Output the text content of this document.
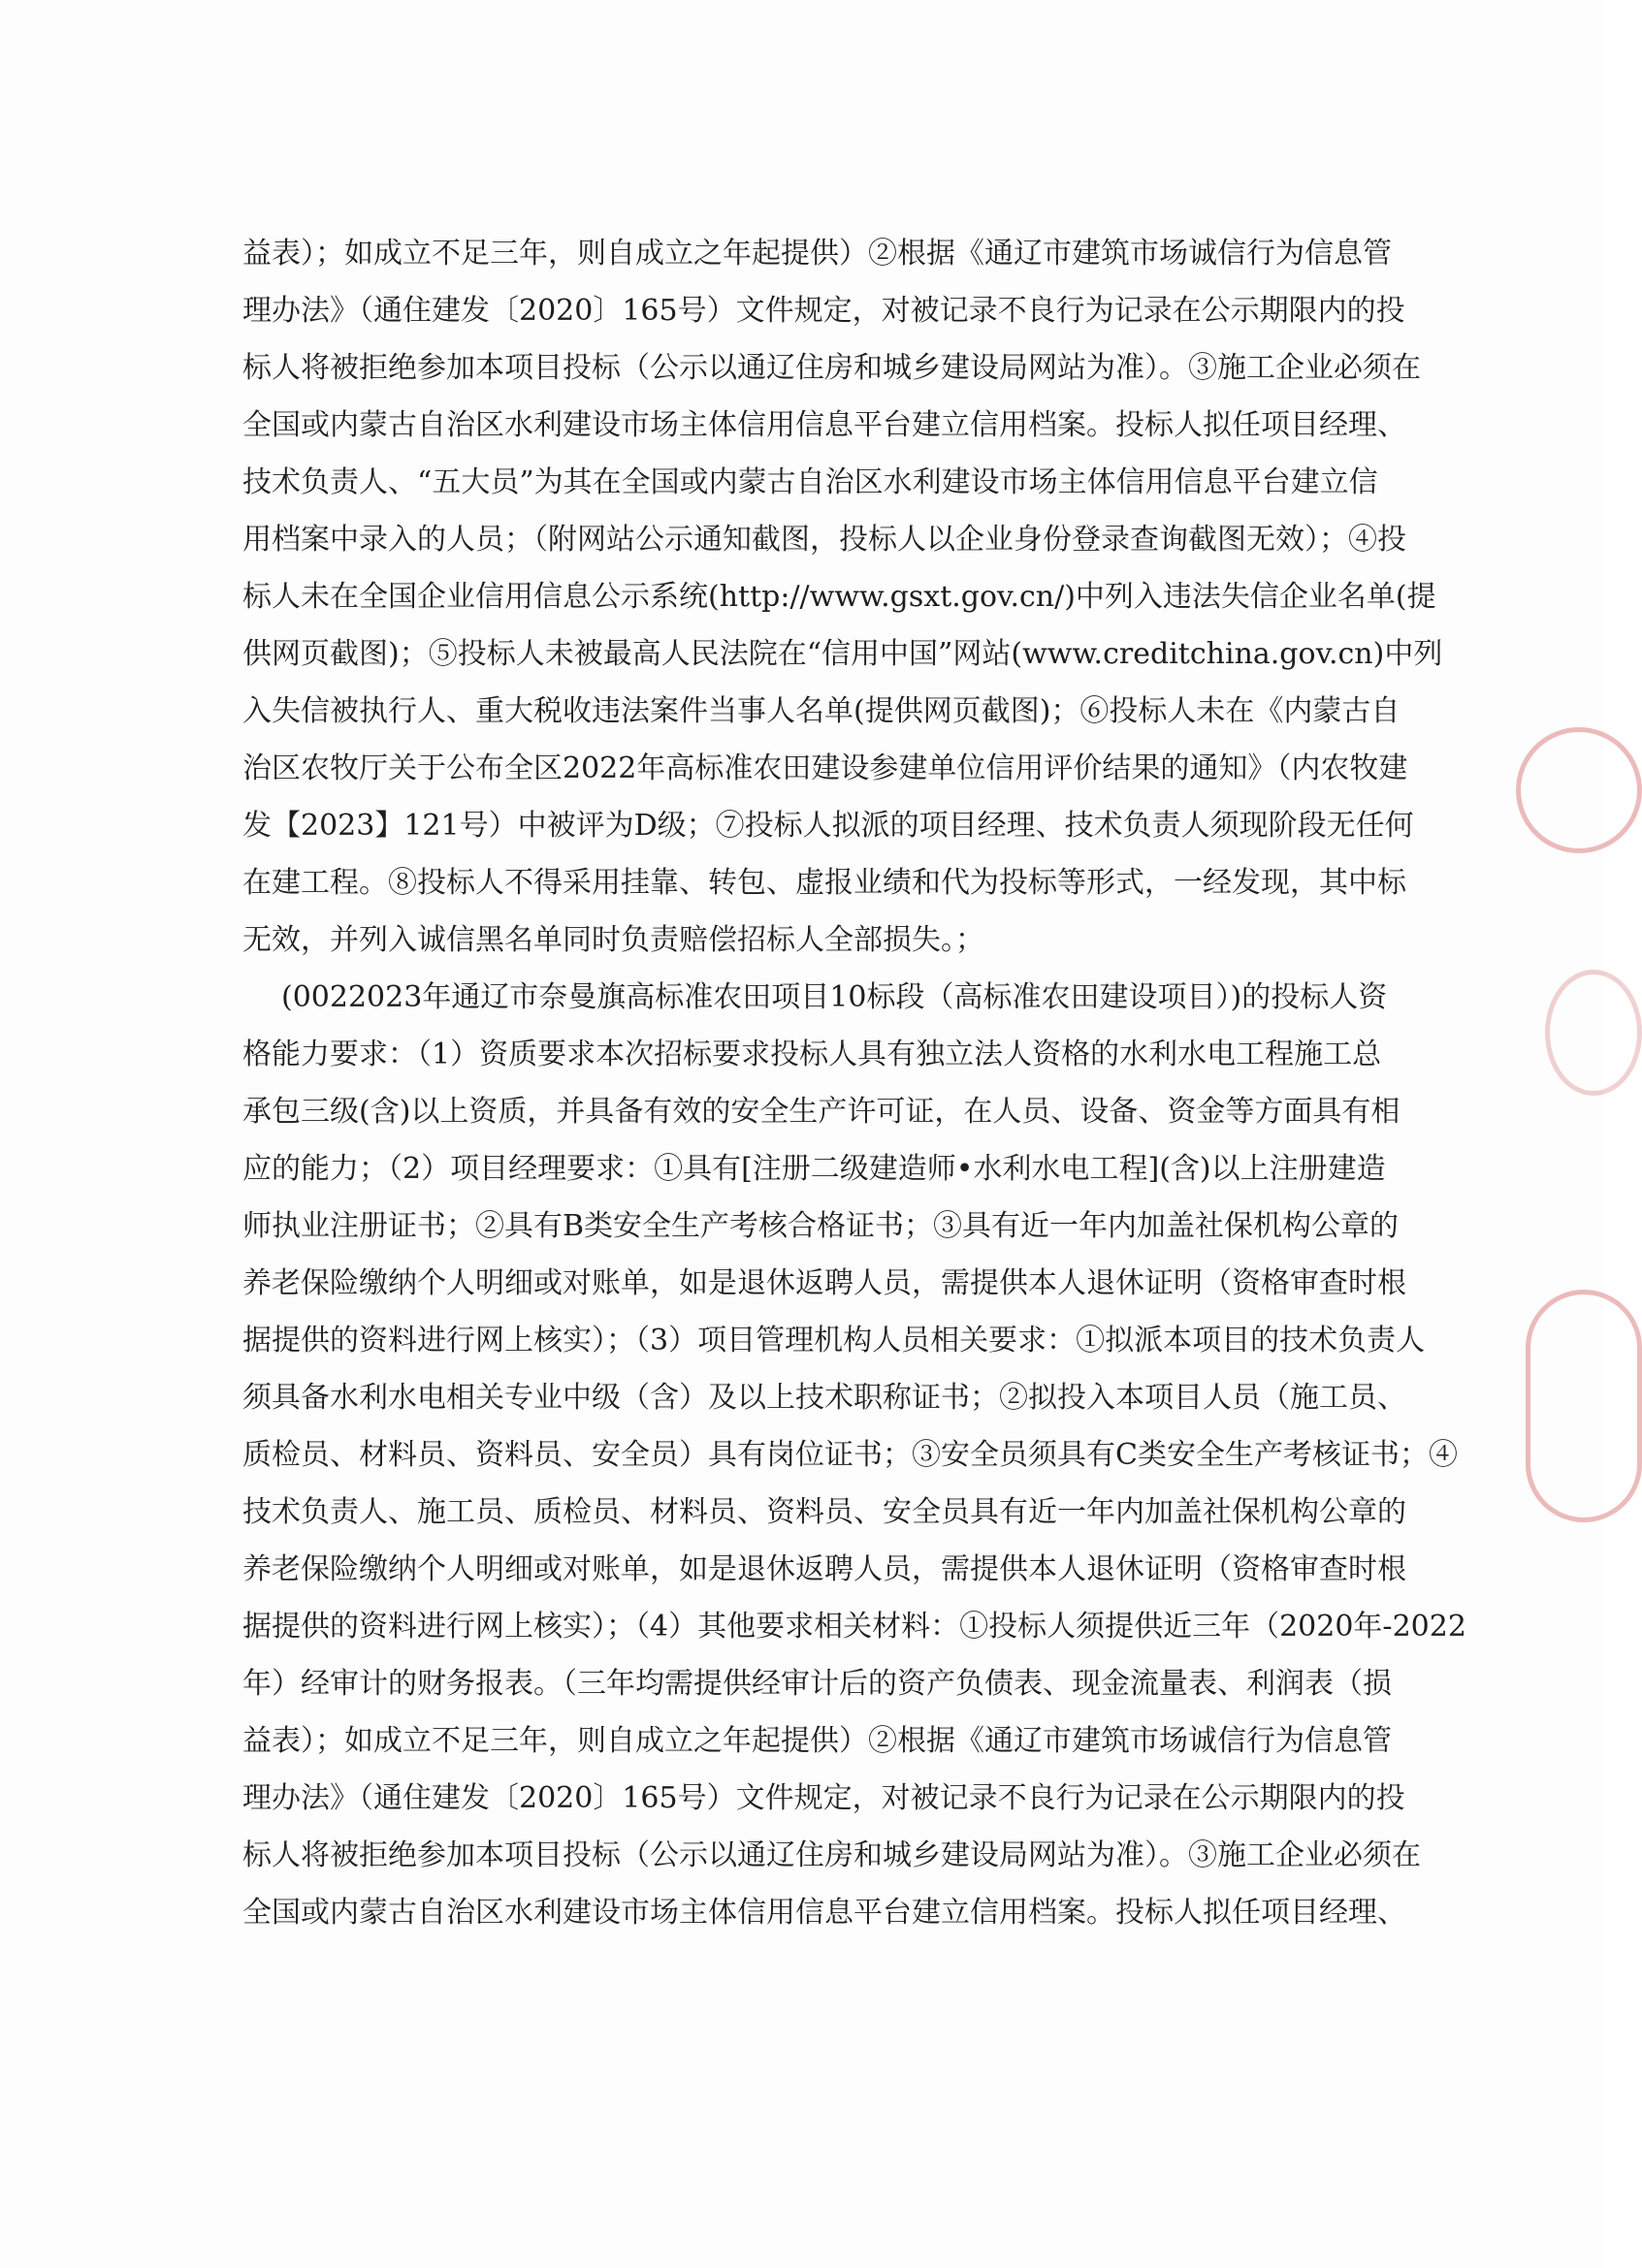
益表）；如成立不足三年，则自成立之年起提供）②根据《通辽市建筑市场诚信行为信息管
理办法》（通住建发〔2020〕165号）文件规定，对被记录不良行为记录在公示期限内的投
标人将被拒绝参加本项目投标（公示以通辽住房和城乡建设局网站为准）。③施工企业必须在
全国或内蒙古自治区水利建设市场主体信用信息平台建立信用档案。投标人拟任项目经理、
技术负责人、“五大员”为其在全国或内蒙古自治区水利建设市场主体信用信息平台建立信
用档案中录入的人员；（附网站公示通知截图，投标人以企业身份登录查询截图无效）；④投
标人未在全国企业信用信息公示系统(http://www.gsxt.gov.cn/)中列入违法失信企业名单(提
供网页截图)；⑤投标人未被最高人民法院在“信用中国”网站(www.creditchina.gov.cn)中列
入失信被执行人、重大税收违法案件当事人名单(提供网页截图)；⑥投标人未在《内蒙古自
治区农牧厅关于公布全区2022年高标准农田建设参建单位信用评价结果的通知》（内农牧建
发【2023】121号）中被评为D级；⑦投标人拟派的项目经理、技术负责人须现阶段无任何
在建工程。⑧投标人不得采用挂靠、转包、虚报业绩和代为投标等形式，一经发现，其中标
无效，并列入诚信黑名单同时负责赔偿招标人全部损失。；
(0022023年通辽市奈曼旗高标准农田项目10标段（高标准农田建设项目）)的投标人资
格能力要求：（1）资质要求本次招标要求投标人具有独立法人资格的水利水电工程施工总
承包三级(含)以上资质，并具备有效的安全生产许可证，在人员、设备、资金等方面具有相
应的能力；（2）项目经理要求：①具有[注册二级建造师•水利水电工程](含)以上注册建造
师执业注册证书；②具有B类安全生产考核合格证书；③具有近一年内加盖社保机构公章的
养老保险缴纳个人明细或对账单，如是退休返聘人员，需提供本人退休证明（资格审查时根
据提供的资料进行网上核实）；（3）项目管理机构人员相关要求：①拟派本项目的技术负责人
须具备水利水电相关专业中级（含）及以上技术职称证书；②拟投入本项目人员（施工员、
质检员、材料员、资料员、安全员）具有岗位证书；③安全员须具有C类安全生产考核证书；④
技术负责人、施工员、质检员、材料员、资料员、安全员具有近一年内加盖社保机构公章的
养老保险缴纳个人明细或对账单，如是退休返聘人员，需提供本人退休证明（资格审查时根
据提供的资料进行网上核实）；（4）其他要求相关材料：①投标人须提供近三年（2020年-2022
年）经审计的财务报表。（三年均需提供经审计后的资产负债表、现金流量表、利润表（损
益表）；如成立不足三年，则自成立之年起提供）②根据《通辽市建筑市场诚信行为信息管
理办法》（通住建发〔2020〕165号）文件规定，对被记录不良行为记录在公示期限内的投
标人将被拒绝参加本项目投标（公示以通辽住房和城乡建设局网站为准）。③施工企业必须在
全国或内蒙古自治区水利建设市场主体信用信息平台建立信用档案。投标人拟任项目经理、
